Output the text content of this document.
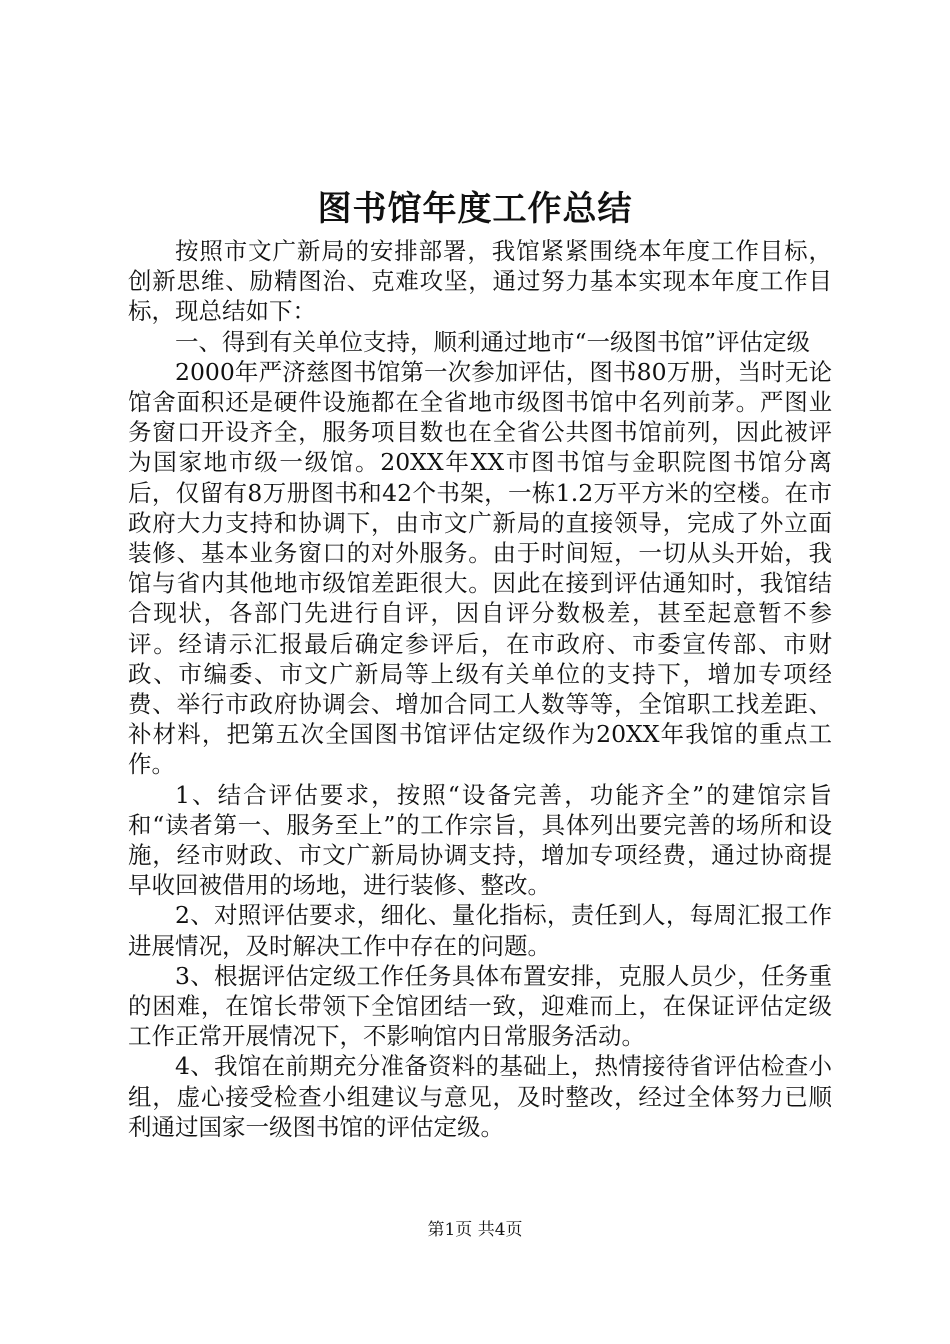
图书馆年度工作总结

按照市文广新局的安排部署，我馆紧紧围绕本年度工作目标，创新思维、励精图治、克难攻坚，通过努力基本实现本年度工作目标，现总结如下：

一、得到有关单位支持，顺利通过地市“一级图书馆”评估定级

2000年严济慈图书馆第一次参加评估，图书80万册，当时无论馆舍面积还是硬件设施都在全省地市级图书馆中名列前茅。严图业务窗口开设齐全，服务项目数也在全省公共图书馆前列，因此被评为国家地市级一级馆。20XX年XX市图书馆与金职院图书馆分离后，仅留有8万册图书和42个书架，一栋1.2万平方米的空楼。在市政府大力支持和协调下，由市文广新局的直接领导，完成了外立面装修、基本业务窗口的对外服务。由于时间短，一切从头开始，我馆与省内其他地市级馆差距很大。因此在接到评估通知时，我馆结合现状，各部门先进行自评，因自评分数极差，甚至起意暂不参评。经请示汇报最后确定参评后，在市政府、市委宣传部、市财政、市编委、市文广新局等上级有关单位的支持下，增加专项经费、举行市政府协调会、增加合同工人数等等，全馆职工找差距、补材料，把第五次全国图书馆评估定级作为20XX年我馆的重点工作。

1、结合评估要求，按照“设备完善，功能齐全”的建馆宗旨和“读者第一、服务至上”的工作宗旨，具体列出要完善的场所和设施，经市财政、市文广新局协调支持，增加专项经费，通过协商提早收回被借用的场地，进行装修、整改。

2、对照评估要求，细化、量化指标，责任到人，每周汇报工作进展情况，及时解决工作中存在的问题。

3、根据评估定级工作任务具体布置安排，克服人员少，任务重的困难，在馆长带领下全馆团结一致，迎难而上，在保证评估定级工作正常开展情况下，不影响馆内日常服务活动。

4、我馆在前期充分准备资料的基础上，热情接待省评估检查小组，虚心接受检查小组建议与意见，及时整改，经过全体努力已顺利通过国家一级图书馆的评估定级。

第1页 共4页
